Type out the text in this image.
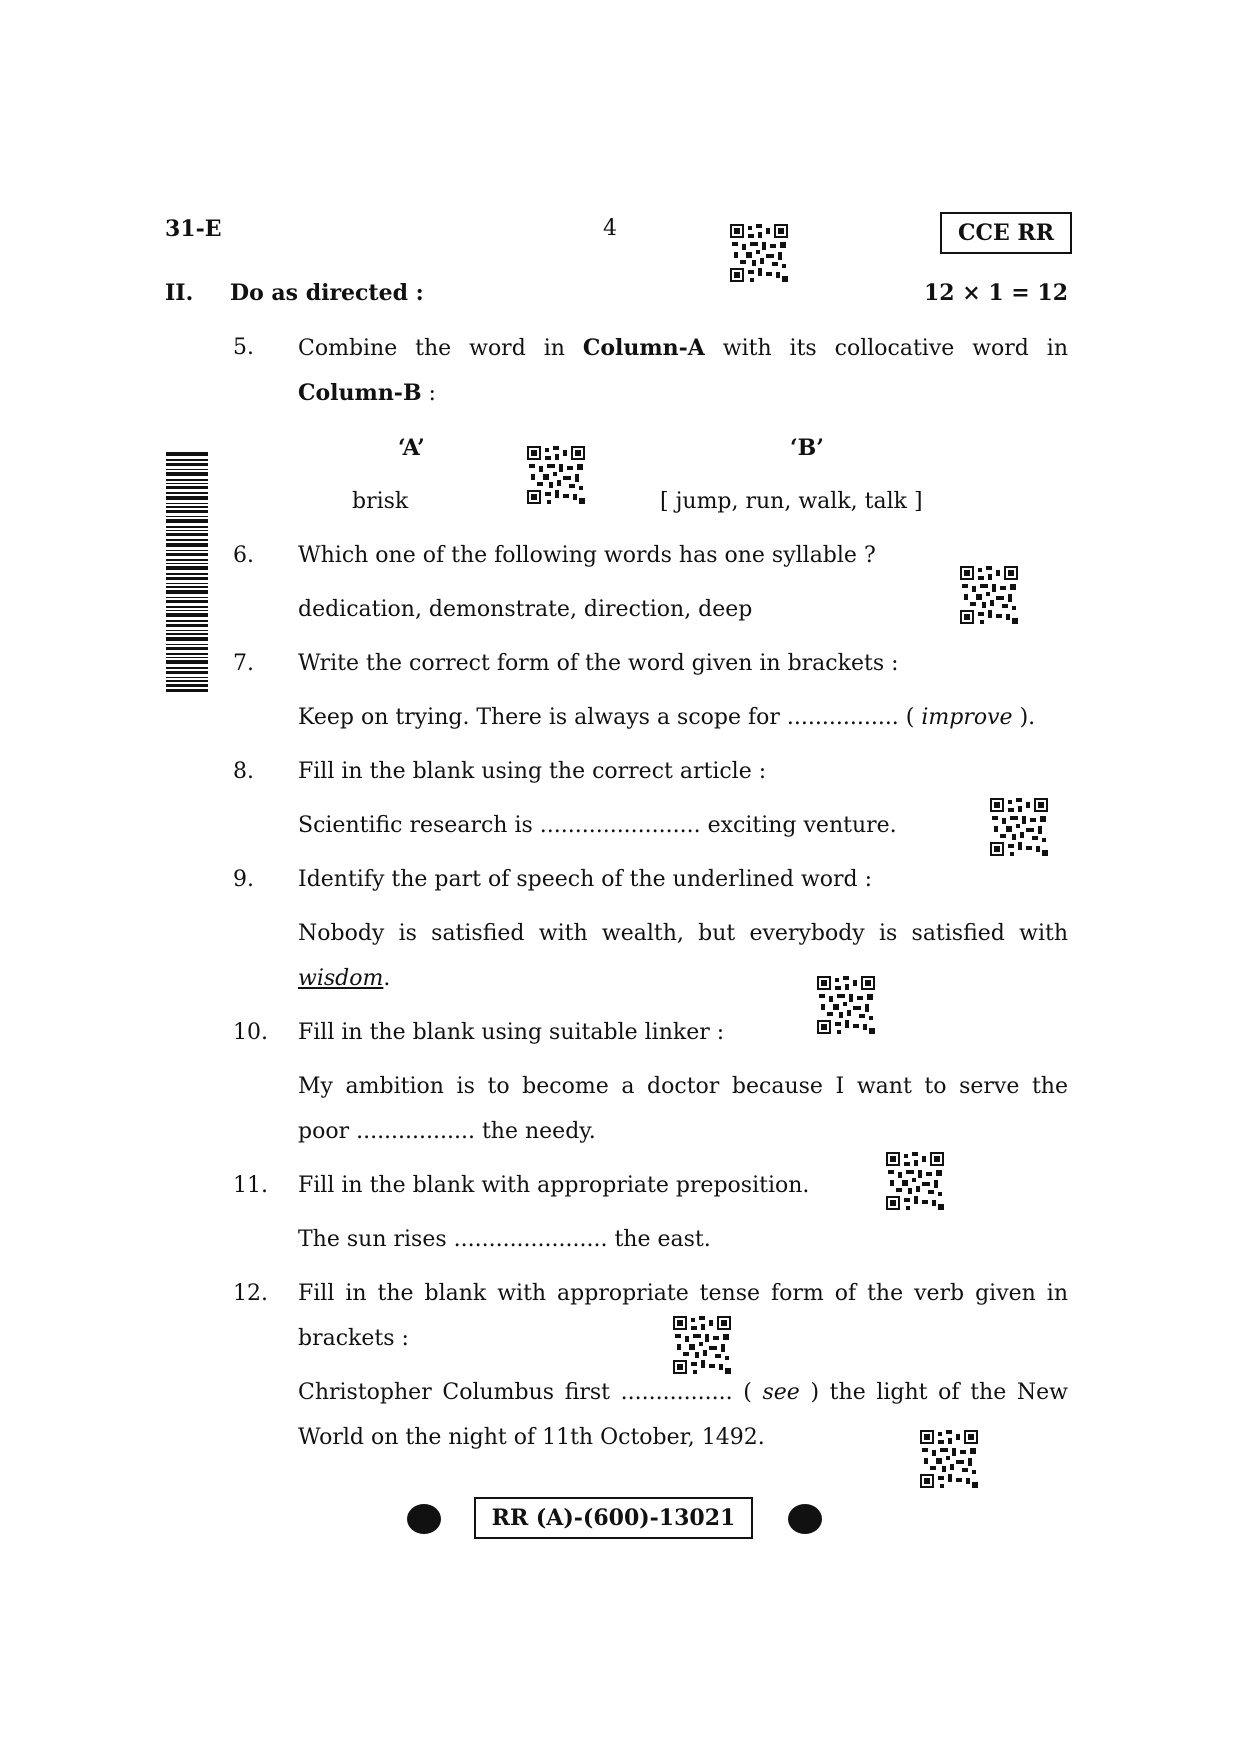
31-E	4	CCE RR
II. Do as directed :	12 × 1 = 12
5. Combine the word in Column-A with its collocative word in
Column-B :
‘A’	‘B’
brisk	[ jump, run, walk, talk ]
6. Which one of the following words has one syllable ?
dedication, demonstrate, direction, deep
7. Write the correct form of the word given in brackets :
Keep on trying. There is always a scope for ................ ( improve ).
8. Fill in the blank using the correct article :
Scientific research is ....................... exciting venture.
9. Identify the part of speech of the underlined word :
Nobody is satisfied with wealth, but everybody is satisfied with
wisdom.
10. Fill in the blank using suitable linker :
My ambition is to become a doctor because I want to serve the
poor ................. the needy.
11. Fill in the blank with appropriate preposition.
The sun rises ...................... the east.
12. Fill in the blank with appropriate tense form of the verb given in
brackets :
Christopher Columbus first ................ ( see ) the light of the New
World on the night of 11th October, 1492.
RR (A)-(600)-13021
